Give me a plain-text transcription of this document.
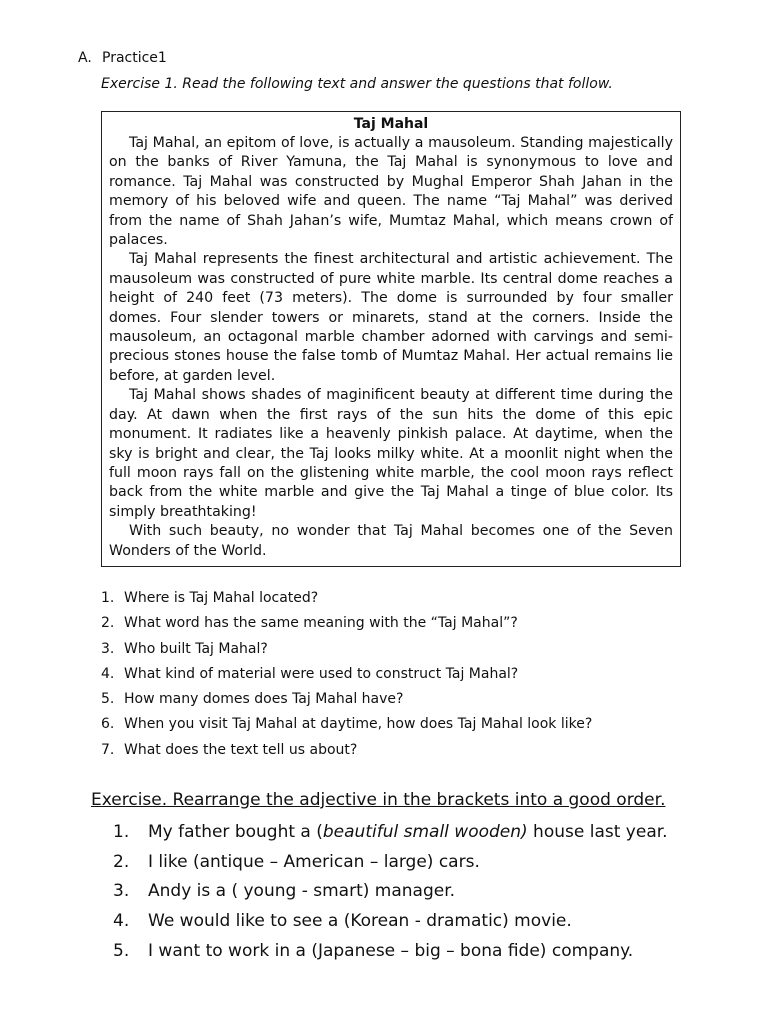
A. Practice1
Exercise 1. Read the following text and answer the questions that follow.
Taj Mahal

Taj Mahal, an epitom of love, is actually a mausoleum. Standing majestically on the banks of River Yamuna, the Taj Mahal is synonymous to love and romance. Taj Mahal was constructed by Mughal Emperor Shah Jahan in the memory of his beloved wife and queen. The name “Taj Mahal” was derived from the name of Shah Jahan’s wife, Mumtaz Mahal, which means crown of palaces.

Taj Mahal represents the finest architectural and artistic achievement. The mausoleum was constructed of pure white marble. Its central dome reaches a height of 240 feet (73 meters). The dome is surrounded by four smaller domes. Four slender towers or minarets, stand at the corners. Inside the mausoleum, an octagonal marble chamber adorned with carvings and semi-precious stones house the false tomb of Mumtaz Mahal. Her actual remains lie before, at garden level.

Taj Mahal shows shades of maginificent beauty at different time during the day. At dawn when the first rays of the sun hits the dome of this epic monument. It radiates like a heavenly pinkish palace. At daytime, when the sky is bright and clear, the Taj looks milky white. At a moonlit night when the full moon rays fall on the glistening white marble, the cool moon rays reflect back from the white marble and give the Taj Mahal a tinge of blue color. Its simply breathtaking!

With such beauty, no wonder that Taj Mahal becomes one of the Seven Wonders of the World.

1. Where is Taj Mahal located?
2. What word has the same meaning with the “Taj Mahal”?
3. Who built Taj Mahal?
4. What kind of material were used to construct Taj Mahal?
5. How many domes does Taj Mahal have?
6. When you visit Taj Mahal at daytime, how does Taj Mahal look like?
7. What does the text tell us about?
Exercise. Rearrange the adjective in the brackets into a good order.
1. My father bought a (beautiful small wooden) house last year.
2. I like (antique – American – large) cars.
3. Andy is a ( young - smart) manager.
4. We would like to see a (Korean - dramatic) movie.
5. I want to work in a (Japanese – big – bona fide) company.
